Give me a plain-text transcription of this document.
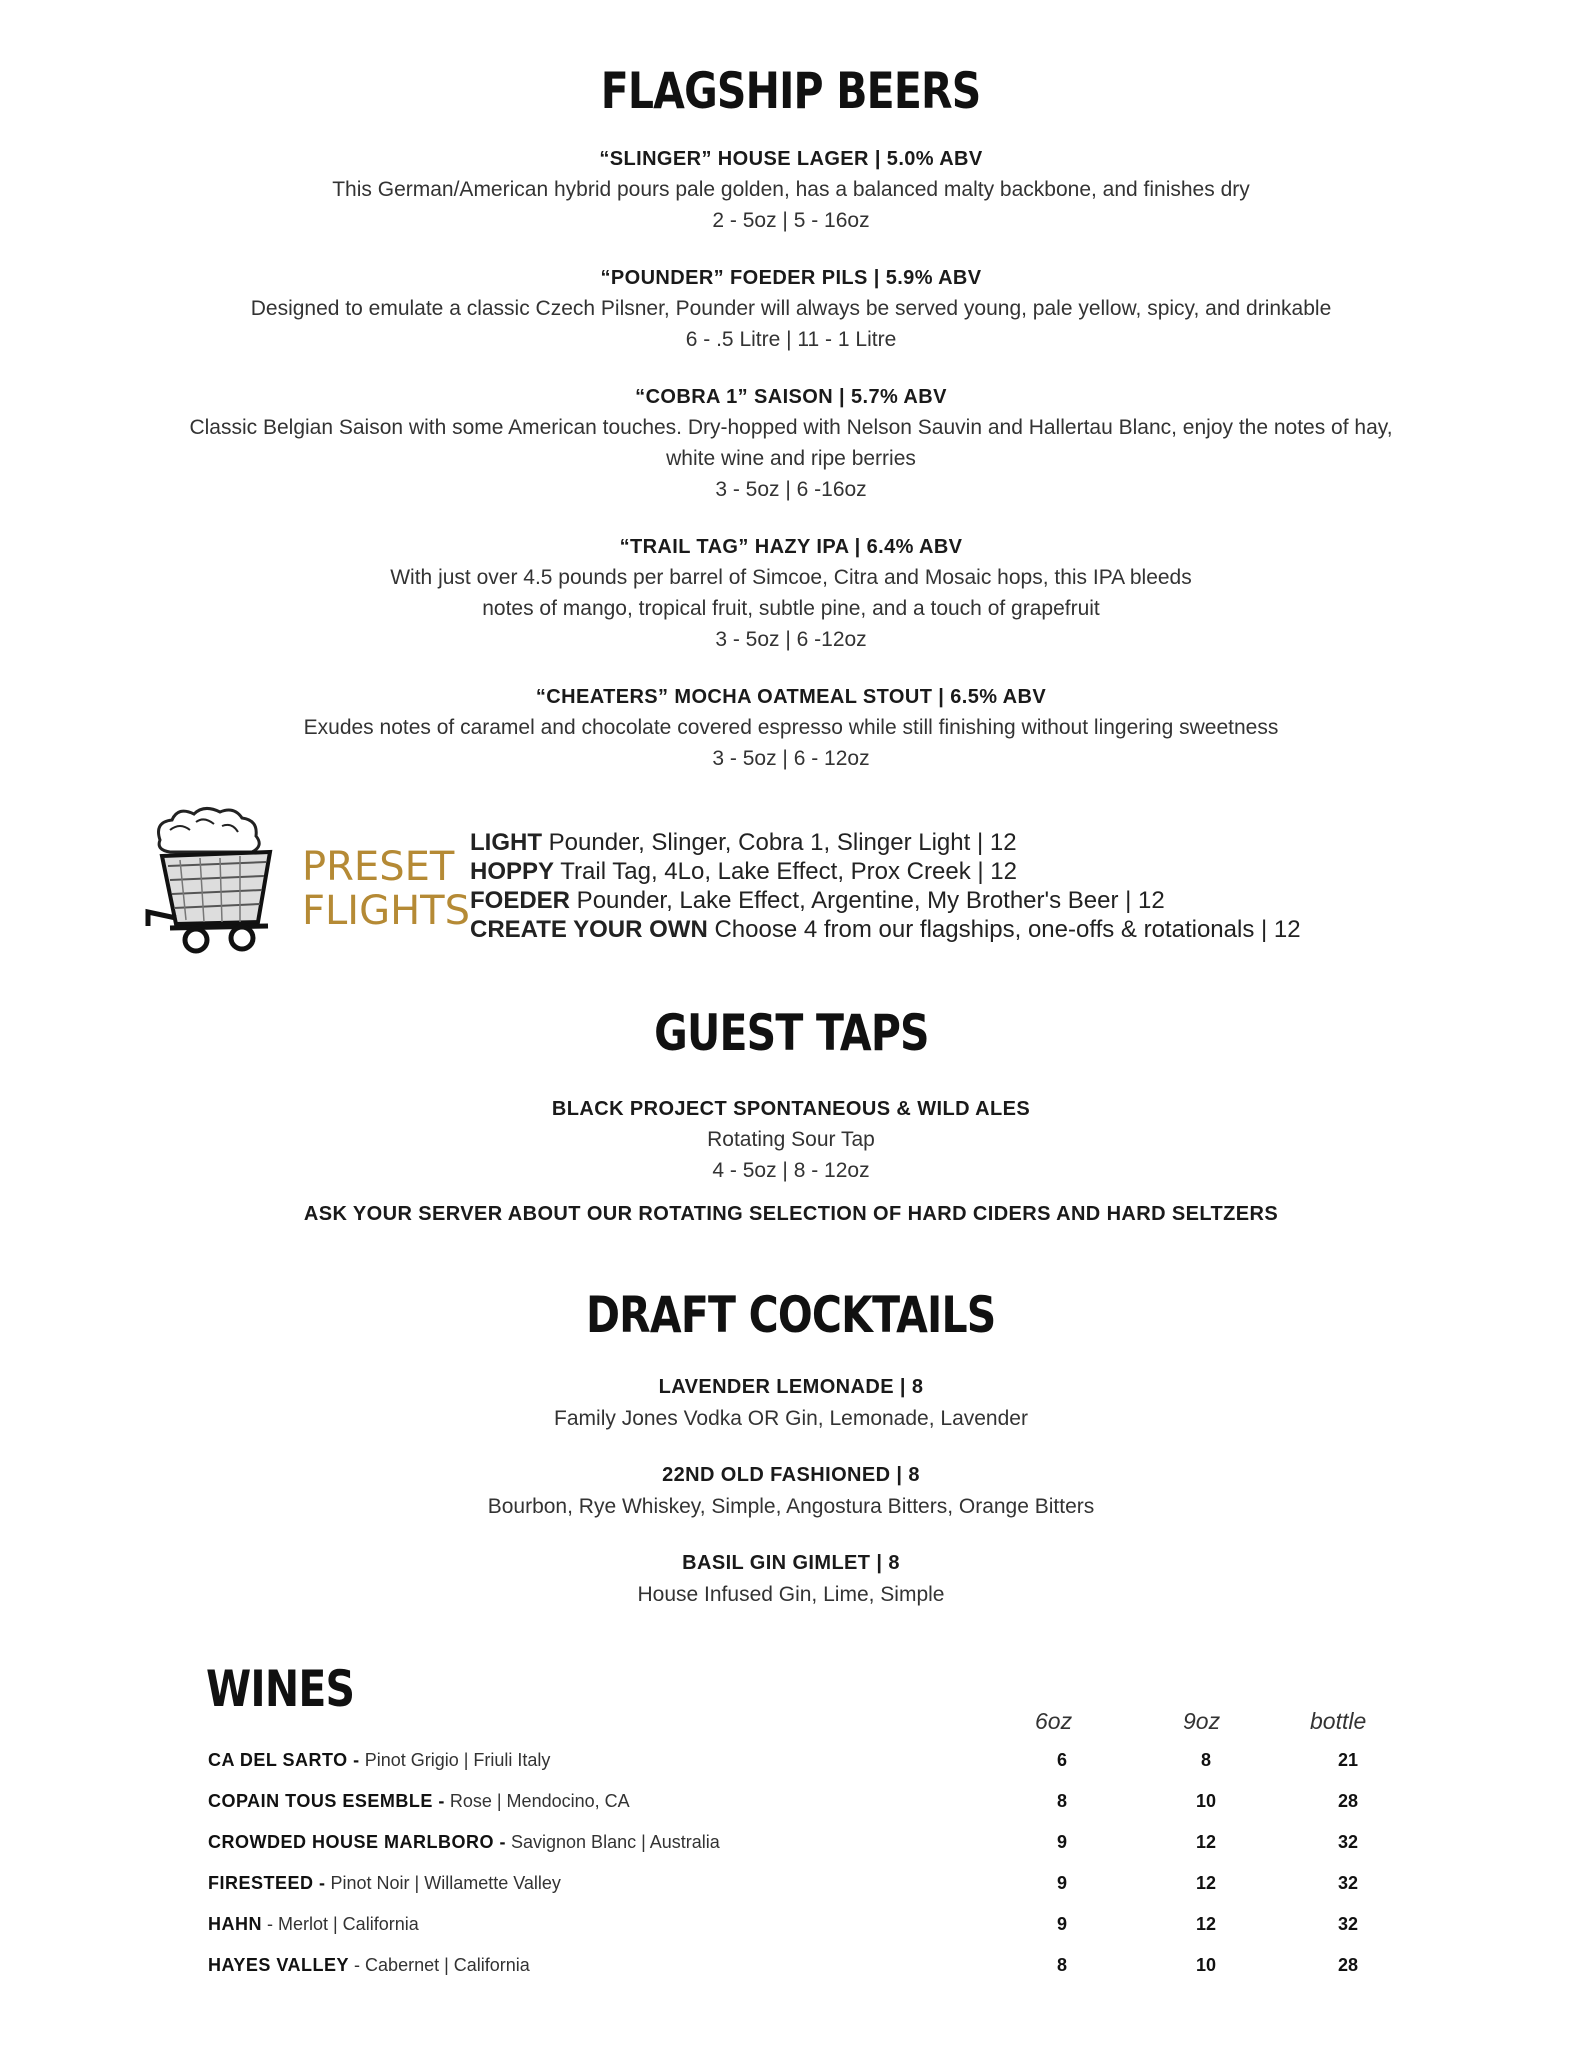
FLAGSHIP BEERS
“SLINGER” HOUSE LAGER | 5.0% ABV
This German/American hybrid pours pale golden, has a balanced malty backbone, and finishes dry
2 - 5oz | 5 - 16oz
“POUNDER” FOEDER PILS | 5.9% ABV
Designed to emulate a classic Czech Pilsner, Pounder will always be served young, pale yellow, spicy, and drinkable
6 - .5 Litre | 11 - 1 Litre
“COBRA 1” SAISON | 5.7% ABV
Classic Belgian Saison with some American touches. Dry-hopped with Nelson Sauvin and Hallertau Blanc, enjoy the notes of hay,
white wine and ripe berries
3 - 5oz | 6 -16oz
“TRAIL TAG” HAZY IPA | 6.4% ABV
With just over 4.5 pounds per barrel of Simcoe, Citra and Mosaic hops, this IPA bleeds
notes of mango, tropical fruit, subtle pine, and a touch of grapefruit
3 - 5oz | 6 -12oz
“CHEATERS” MOCHA OATMEAL STOUT | 6.5% ABV
Exudes notes of caramel and chocolate covered espresso while still finishing without lingering sweetness
3 - 5oz | 6 - 12oz
PRESET
FLIGHTS
LIGHT Pounder, Slinger, Cobra 1, Slinger Light | 12
HOPPY Trail Tag, 4Lo, Lake Effect, Prox Creek | 12
FOEDER Pounder, Lake Effect, Argentine, My Brother's Beer | 12
CREATE YOUR OWN Choose 4 from our flagships, one-offs & rotationals | 12
GUEST TAPS
BLACK PROJECT SPONTANEOUS & WILD ALES
Rotating Sour Tap
4 - 5oz | 8 - 12oz
ASK YOUR SERVER ABOUT OUR ROTATING SELECTION OF HARD CIDERS AND HARD SELTZERS
DRAFT COCKTAILS
LAVENDER LEMONADE | 8
Family Jones Vodka OR Gin, Lemonade, Lavender
22ND OLD FASHIONED | 8
Bourbon, Rye Whiskey, Simple, Angostura Bitters, Orange Bitters
BASIL GIN GIMLET | 8
House Infused Gin, Lime, Simple
WINES
6oz	9oz	bottle
CA DEL SARTO - Pinot Grigio | Friuli Italy	6	8	21
COPAIN TOUS ESEMBLE - Rose | Mendocino, CA	8	10	28
CROWDED HOUSE MARLBORO - Savignon Blanc | Australia	9	12	32
FIRESTEED - Pinot Noir | Willamette Valley	9	12	32
HAHN - Merlot | California	9	12	32
HAYES VALLEY - Cabernet | California	8	10	28
